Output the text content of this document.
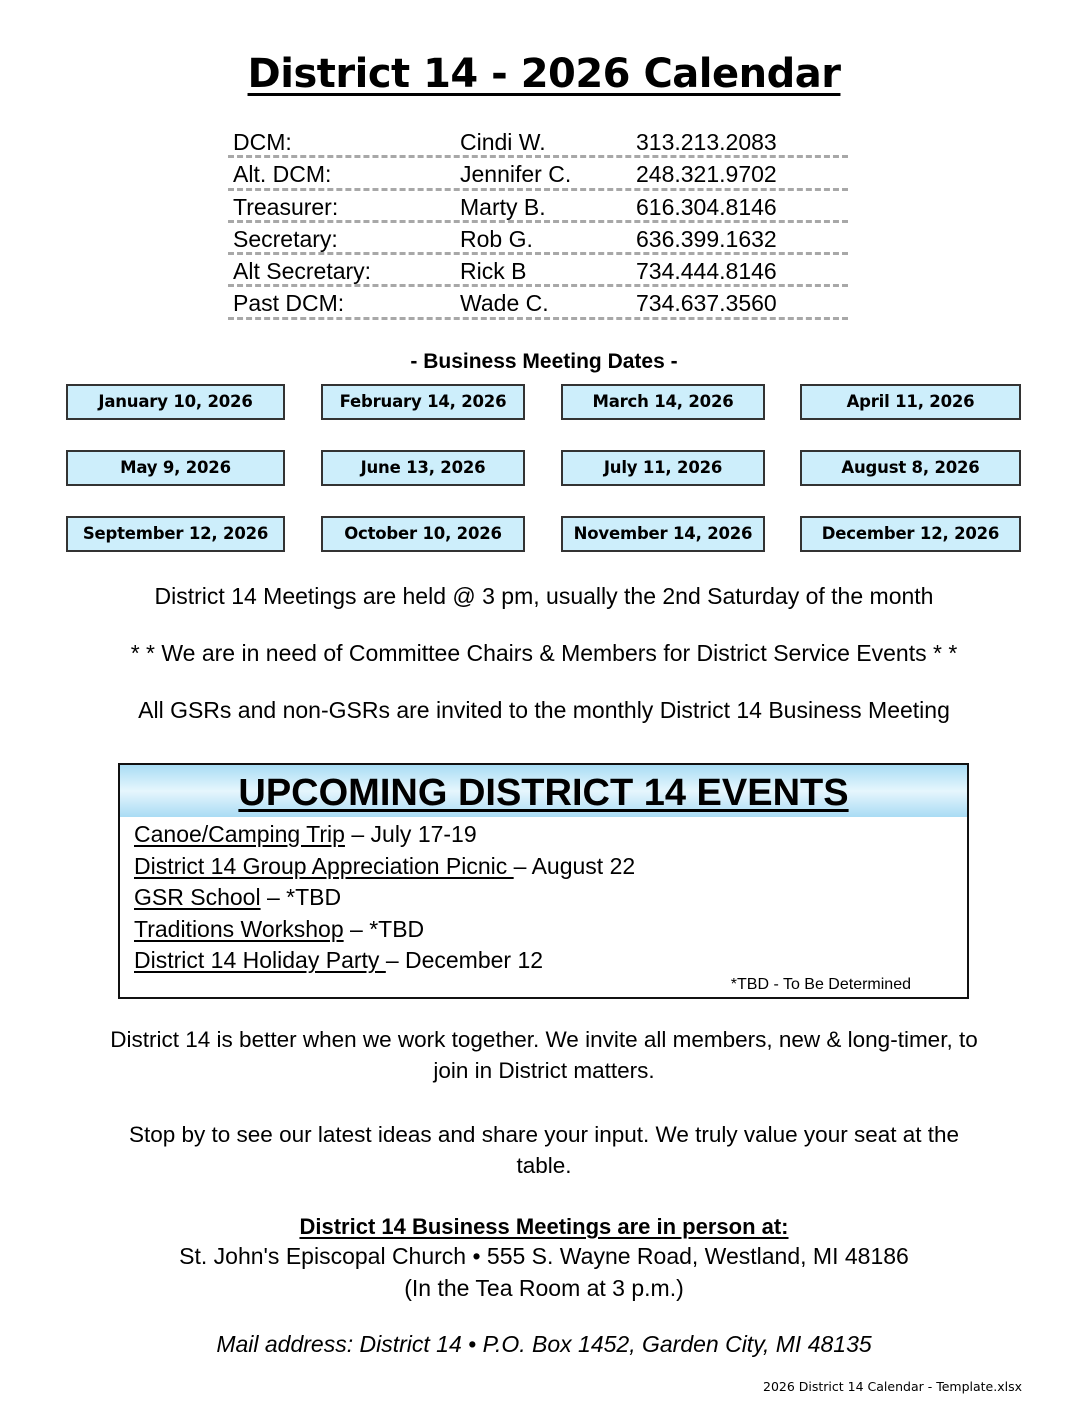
District 14 - 2026 Calendar
DCM:	Cindi W.	313.213.2083
Alt. DCM:	Jennifer C.	248.321.9702
Treasurer:	Marty B.	616.304.8146
Secretary:	Rob G.	636.399.1632
Alt Secretary:	Rick B	734.444.8146
Past DCM:	Wade C.	734.637.3560
- Business Meeting Dates -
January 10, 2026	February 14, 2026	March 14, 2026	April 11, 2026
May 9, 2026	June 13, 2026	July 11, 2026	August 8, 2026
September 12, 2026	October 10, 2026	November 14, 2026	December 12, 2026
District 14 Meetings are held @ 3 pm, usually the 2nd Saturday of the month
* * We are in need of Committee Chairs & Members for District Service Events * *
All GSRs and non-GSRs are invited to the monthly District 14 Business Meeting
UPCOMING DISTRICT 14 EVENTS
Canoe/Camping Trip – July 17-19
District 14 Group Appreciation Picnic – August 22
GSR School – *TBD
Traditions Workshop – *TBD
District 14 Holiday Party – December 12
*TBD - To Be Determined
District 14 is better when we work together. We invite all members, new & long-timer, to join in District matters.
Stop by to see our latest ideas and share your input. We truly value your seat at the table.
District 14 Business Meetings are in person at:
St. John's Episcopal Church • 555 S. Wayne Road, Westland, MI 48186
(In the Tea Room at 3 p.m.)
Mail address: District 14 • P.O. Box 1452, Garden City, MI 48135
2026 District 14 Calendar - Template.xlsx
